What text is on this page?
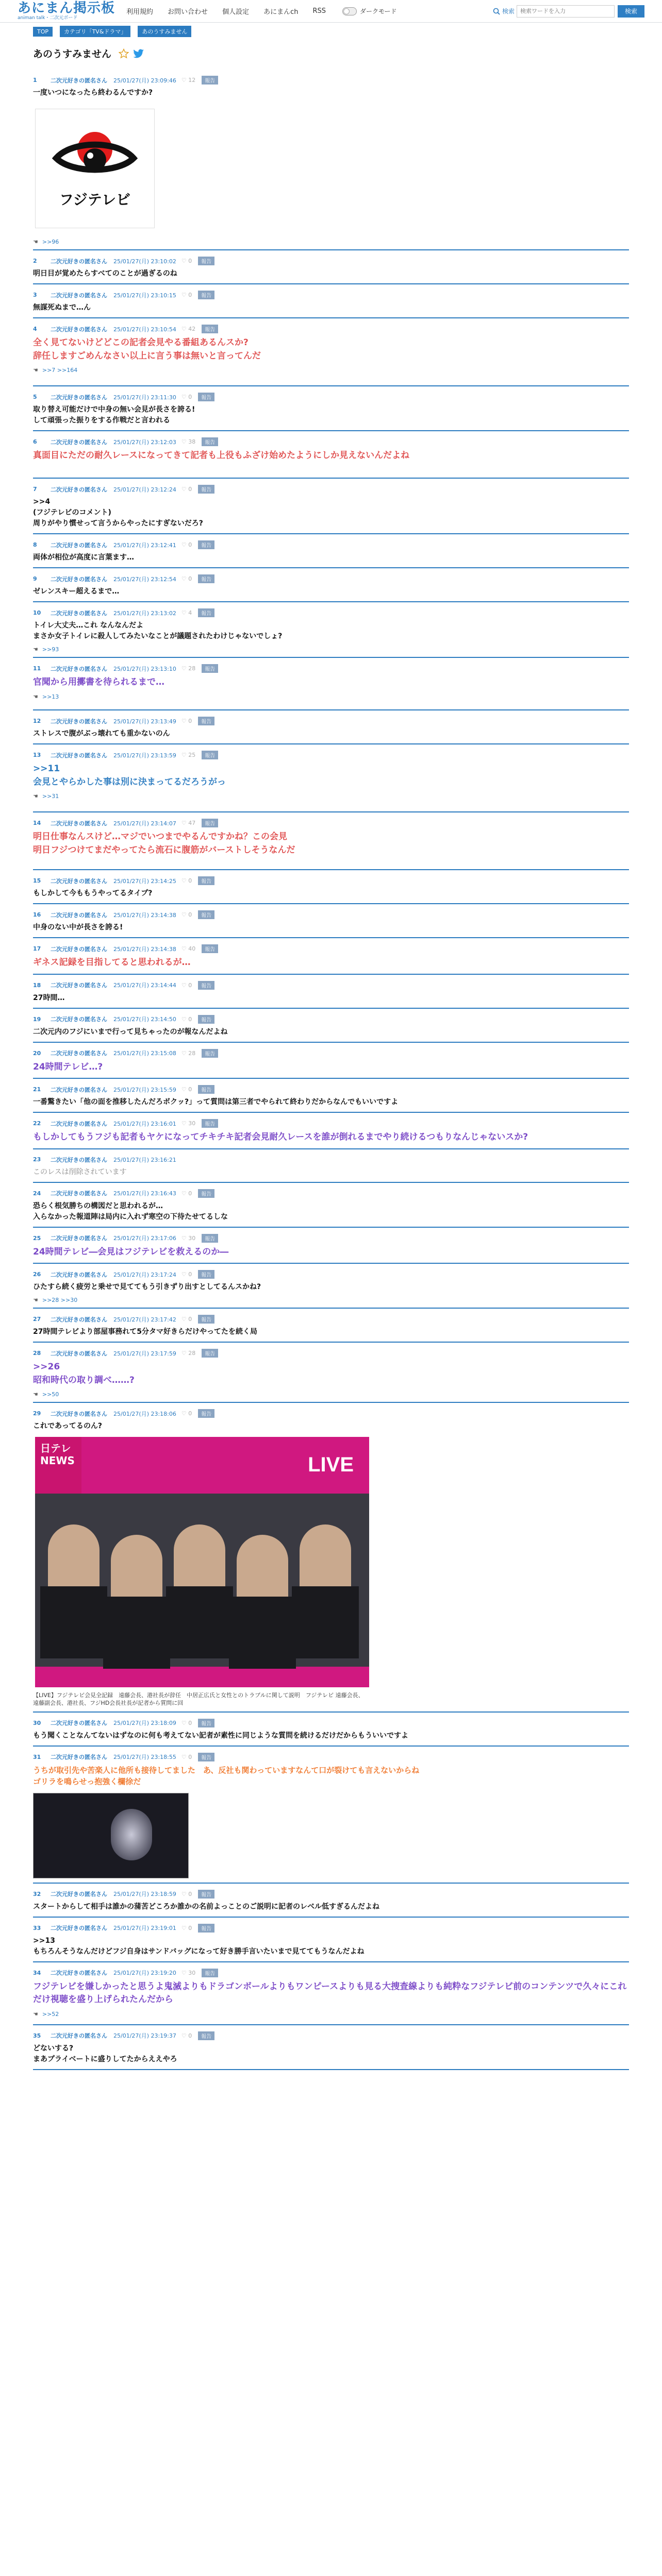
あにまん掲示板
animan talk・二次元ボード
利用規約 お問い合わせ 個人設定 あにまんch RSS	ダークモード	検索
検索ワードを入力	検索
TOP	カテゴリ「TV&ドラマ」	あのうすみません
あのうすみません
1	二次元好きの匿名さん 25/01/27(月) 23:09:46 ♡ 12	報告
一度いつになったら終わるんですか?
フジテレビ
☚ >>96
2	二次元好きの匿名さん 25/01/27(月) 23:10:02 ♡ 0	報告
明日目が覚めたらすべてのことが過ぎるのね
3	二次元好きの匿名さん 25/01/27(月) 23:10:15 ♡ 0	報告
無謀死ぬまで…ん
4	二次元好きの匿名さん 25/01/27(月) 23:10:54 ♡ 42	報告
全く見てないけどどこの記者会見やる番組あるんスか?
辞任しますごめんなさい以上に言う事は無いと言ってんだ
☚ >>7 >>164
5	二次元好きの匿名さん 25/01/27(月) 23:11:30 ♡ 0	報告
取り替え可能だけで中身の無い会見が長さを誇る!
して頑張った振りをする作戦だと言われる
6	二次元好きの匿名さん 25/01/27(月) 23:12:03 ♡ 38	報告
真面目にただの耐久レースになってきて記者も上役もふざけ始めたようにしか見えないんだよね
7	二次元好きの匿名さん 25/01/27(月) 23:12:24 ♡ 0	報告
>>4
(フジテレビのコメント)
周りがやり慣せって言うからやったにすぎないだろ?
8	二次元好きの匿名さん 25/01/27(月) 23:12:41 ♡ 0	報告
両体が相位が高度に言葉ます…
9	二次元好きの匿名さん 25/01/27(月) 23:12:54 ♡ 0	報告
ゼレンスキー超えるまで…
10	二次元好きの匿名さん 25/01/27(月) 23:13:02 ♡ 4	報告
トイレ大丈夫…これ なんなんだよ
まさか女子トイレに殺人してみたいなことが議題されたわけじゃないでしょ?
☚ >>93
11	二次元好きの匿名さん 25/01/27(月) 23:13:10 ♡ 28	報告
官聞から用擲書を待られるまで…
☚ >>13
12	二次元好きの匿名さん 25/01/27(月) 23:13:49 ♡ 0	報告
ストレスで腹がぶっ壊れても重かないのん
13	二次元好きの匿名さん 25/01/27(月) 23:13:59 ♡ 25	報告
>>11
会見とやらかした事は別に決まってるだろうがっ
☚ >>31
14	二次元好きの匿名さん 25/01/27(月) 23:14:07 ♡ 47	報告
明日仕事なんスけど…マジでいつまでやるんですかね？この会見
明日フジつけてまだやってたら流石に腹筋がバーストしそうなんだ
15	二次元好きの匿名さん 25/01/27(月) 23:14:25 ♡ 0	報告
もしかして今ももうやってるタイプ?
16	二次元好きの匿名さん 25/01/27(月) 23:14:38 ♡ 0	報告
中身のない中が長さを誇る!
17	二次元好きの匿名さん 25/01/27(月) 23:14:38 ♡ 40	報告
ギネス記録を目指してると思われるが…
18	二次元好きの匿名さん 25/01/27(月) 23:14:44 ♡ 0	報告
27時間…
19	二次元好きの匿名さん 25/01/27(月) 23:14:50 ♡ 0	報告
二次元内のフジにいまで行って見ちゃったのが報なんだよね
20	二次元好きの匿名さん 25/01/27(月) 23:15:08 ♡ 28	報告
24時間テレビ…?
21	二次元好きの匿名さん 25/01/27(月) 23:15:59 ♡ 0	報告
一番驚きたい「他の面を推移したんだろボクッ?」って質問は第三者でやられて終わりだからなんでもいいですよ
22	二次元好きの匿名さん 25/01/27(月) 23:16:01 ♡ 30	報告
もしかしてもうフジも記者もヤケになってチキチキ記者会見耐久レースを誰が倒れるまでやり続けるつもりなんじゃないスか?
23	二次元好きの匿名さん 25/01/27(月) 23:16:21
このレスは削除されています
24	二次元好きの匿名さん 25/01/27(月) 23:16:43 ♡ 0	報告
恐らく根気勝ちの構図だと思われるが…
入らなかった報道陣は局内に入れず寒空の下待たせてるしな
25	二次元好きの匿名さん 25/01/27(月) 23:17:06 ♡ 30	報告
24時間テレビ―会見はフジテレビを救えるのか―
26	二次元好きの匿名さん 25/01/27(月) 23:17:24 ♡ 0	報告
ひたすら続く疲労と乗せで見ててもう引きずり出すとしてるんスかね?
☚ >>28 >>30
27	二次元好きの匿名さん 25/01/27(月) 23:17:42 ♡ 0	報告
27時間テレビより部屋事務れて5分タマ好きらだけやってたを続く局
28	二次元好きの匿名さん 25/01/27(月) 23:17:59 ♡ 28	報告
>>26
昭和時代の取り調べ……?
☚ >>50
29	二次元好きの匿名さん 25/01/27(月) 23:18:06 ♡ 0	報告
これであってるのん?
日テレNEWS	LIVE
【LIVE】フジテレビ会見全記録　遠藤会長、港社長が辞任　中居正広氏と女性とのトラブルに関して説明　フジテレビ 遠藤会長、遠藤副会長、港社長、フジHD会長社長が記者から質問に回
30	二次元好きの匿名さん 25/01/27(月) 23:18:09 ♡ 0	報告
もう聞くことなんてないはずなのに何も考えてない記者が素性に同じような質問を続けるだけだからもういいですよ
31	二次元好きの匿名さん 25/01/27(月) 23:18:55 ♡ 0	報告
うちが取引先や苦楽人に他所も接待してました　あ、反社も関わっていますなんて口が裂けても言えないからね
ゴリラを鳴らせっ抱強く欄徐だ
32	二次元好きの匿名さん 25/01/27(月) 23:18:59 ♡ 0	報告
スタートからして相手は誰かの蒲苦どころか誰かの名前よっことのご説明に記者のレベル低すぎるんだよね
33	二次元好きの匿名さん 25/01/27(月) 23:19:01 ♡ 0	報告
>>13
もちろんそうなんだけどフジ自身はサンドバッグになって好き勝手言いたいまで見ててもうなんだよね
34	二次元好きの匿名さん 25/01/27(月) 23:19:20 ♡ 30	報告
フジテレビを嫌しかったと思うよ鬼滅よりもドラゴンボールよりもワンピースよりも見る大捜査線よりも純粋なフジテレビ前のコンテンツで久々にこれだけ視聴を盛り上げられたんだから
☚ >>52
35	二次元好きの匿名さん 25/01/27(月) 23:19:37 ♡ 0	報告
どないする?
まあプライベートに盛りしてたからええやろ
